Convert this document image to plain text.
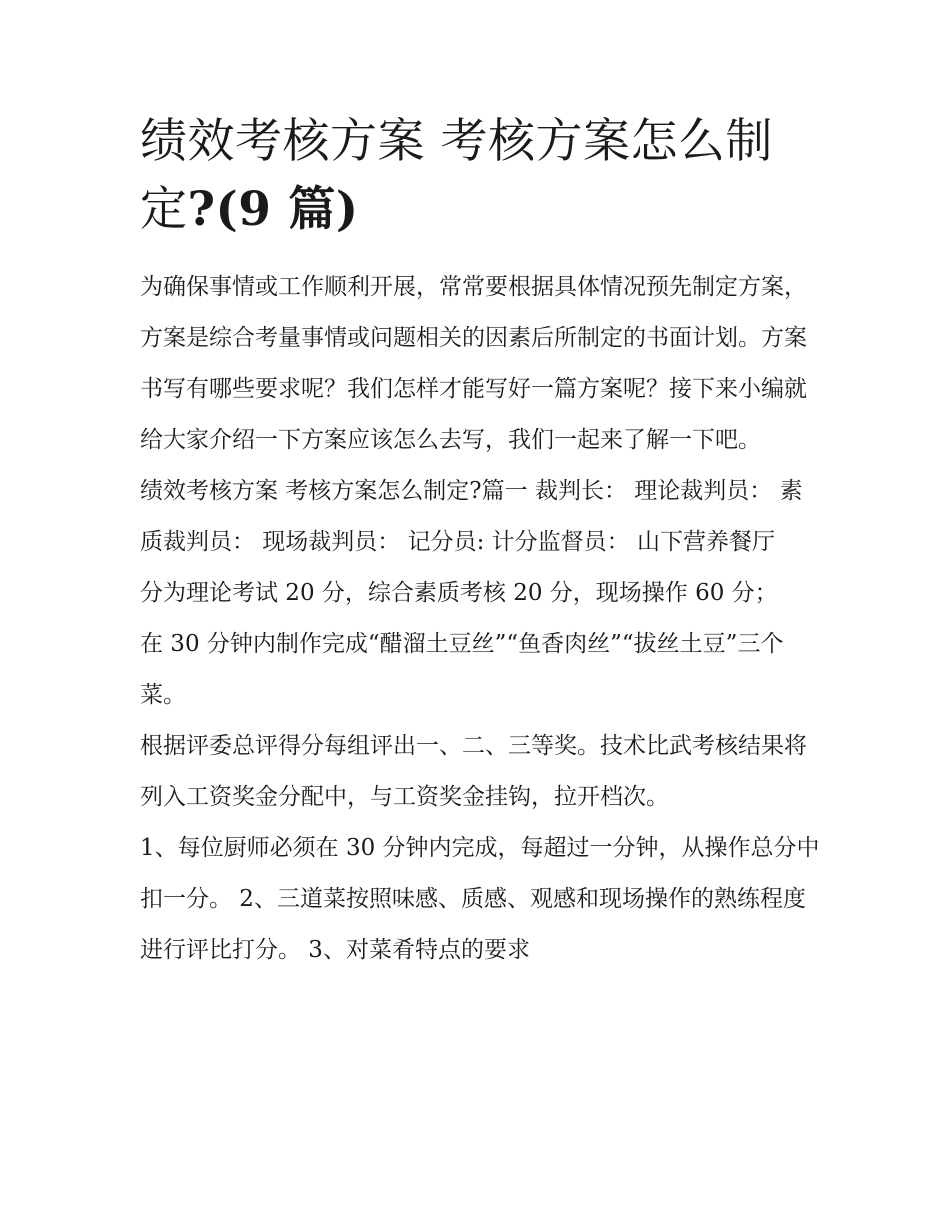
绩效考核方案 考核方案怎么制定?(9 篇)

为确保事情或工作顺利开展，常常要根据具体情况预先制定方案，方案是综合考量事情或问题相关的因素后所制定的书面计划。方案书写有哪些要求呢？我们怎样才能写好一篇方案呢？接下来小编就给大家介绍一下方案应该怎么去写，我们一起来了解一下吧。

绩效考核方案 考核方案怎么制定?篇一 裁判长： 理论裁判员： 素质裁判员： 现场裁判员： 记分员: 计分监督员： 山下营养餐厅

分为理论考试 20 分，综合素质考核 20 分，现场操作 60 分；

在 30 分钟内制作完成“醋溜土豆丝”“鱼香肉丝”“拔丝土豆”三个菜。

根据评委总评得分每组评出一、二、三等奖。技术比武考核结果将列入工资奖金分配中，与工资奖金挂钩，拉开档次。

1、每位厨师必须在 30 分钟内完成，每超过一分钟，从操作总分中扣一分。 2、三道菜按照味感、质感、观感和现场操作的熟练程度进行评比打分。 3、对菜肴特点的要求
